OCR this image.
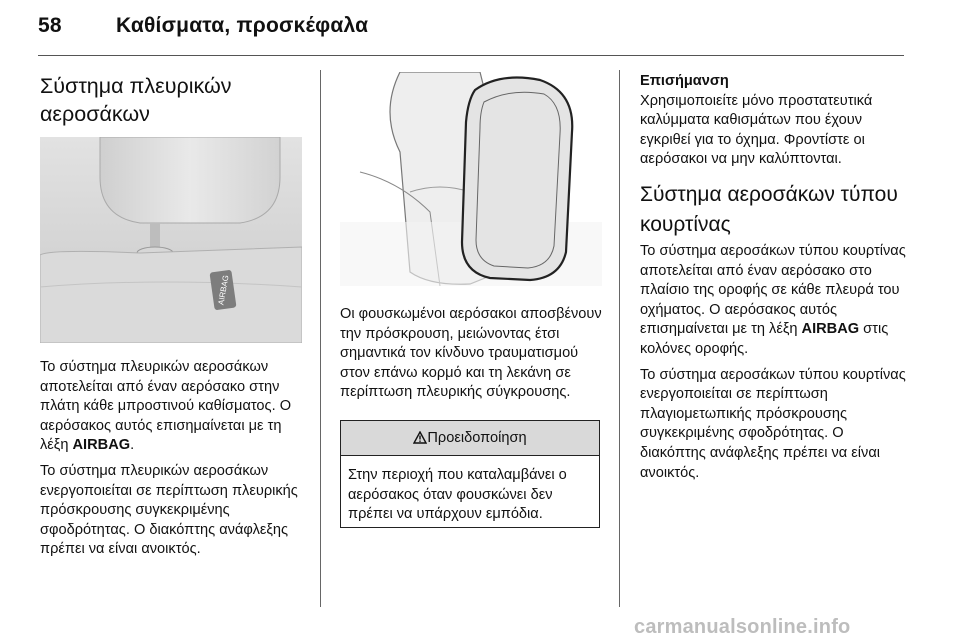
58	Καθίσματα, προσκέφαλα
Σύστημα πλευρικών αεροσάκων
AIRBAG

Το σύστημα πλευρικών αεροσάκων αποτελείται από έναν αερόσακο στην πλάτη κάθε μπροστινού καθίσματος. Ο αερόσακος αυτός επισημαίνεται με τη λέξη AIRBAG.

Το σύστημα πλευρικών αεροσάκων ενεργοποιείται σε περίπτωση πλευρικής πρόσκρουσης συγκεκριμένης σφοδρότητας. Ο διακόπτης ανάφλεξης πρέπει να είναι ανοικτός.

Οι φουσκωμένοι αερόσακοι αποσβένουν την πρόσκρουση, μειώνοντας έτσι σημαντικά τον κίνδυνο τραυματισμού στον επάνω κορμό και τη λεκάνη σε περίπτωση πλευρικής σύγκρουσης.

Προειδοποίηση
Στην περιοχή που καταλαμβάνει ο αερόσακος όταν φουσκώνει δεν πρέπει να υπάρχουν εμπόδια.
Επισήμανση

Χρησιμοποιείτε μόνο προστατευτικά καλύμματα καθισμάτων που έχουν εγκριθεί για το όχημα. Φροντίστε οι αερόσακοι να μην καλύπτονται.

Σύστημα αεροσάκων τύπου κουρτίνας

Το σύστημα αεροσάκων τύπου κουρτίνας αποτελείται από έναν αερόσακο στο πλαίσιο της οροφής σε κάθε πλευρά του οχήματος. Ο αερόσακος αυτός επισημαίνεται με τη λέξη AIRBAG στις κολόνες οροφής.

Το σύστημα αεροσάκων τύπου κουρτίνας ενεργοποιείται σε περίπτωση πλαγιομετωπικής πρόσκρουσης συγκεκριμένης σφοδρότητας. Ο διακόπτης ανάφλεξης πρέπει να είναι ανοικτός.

carmanualsonline.info
